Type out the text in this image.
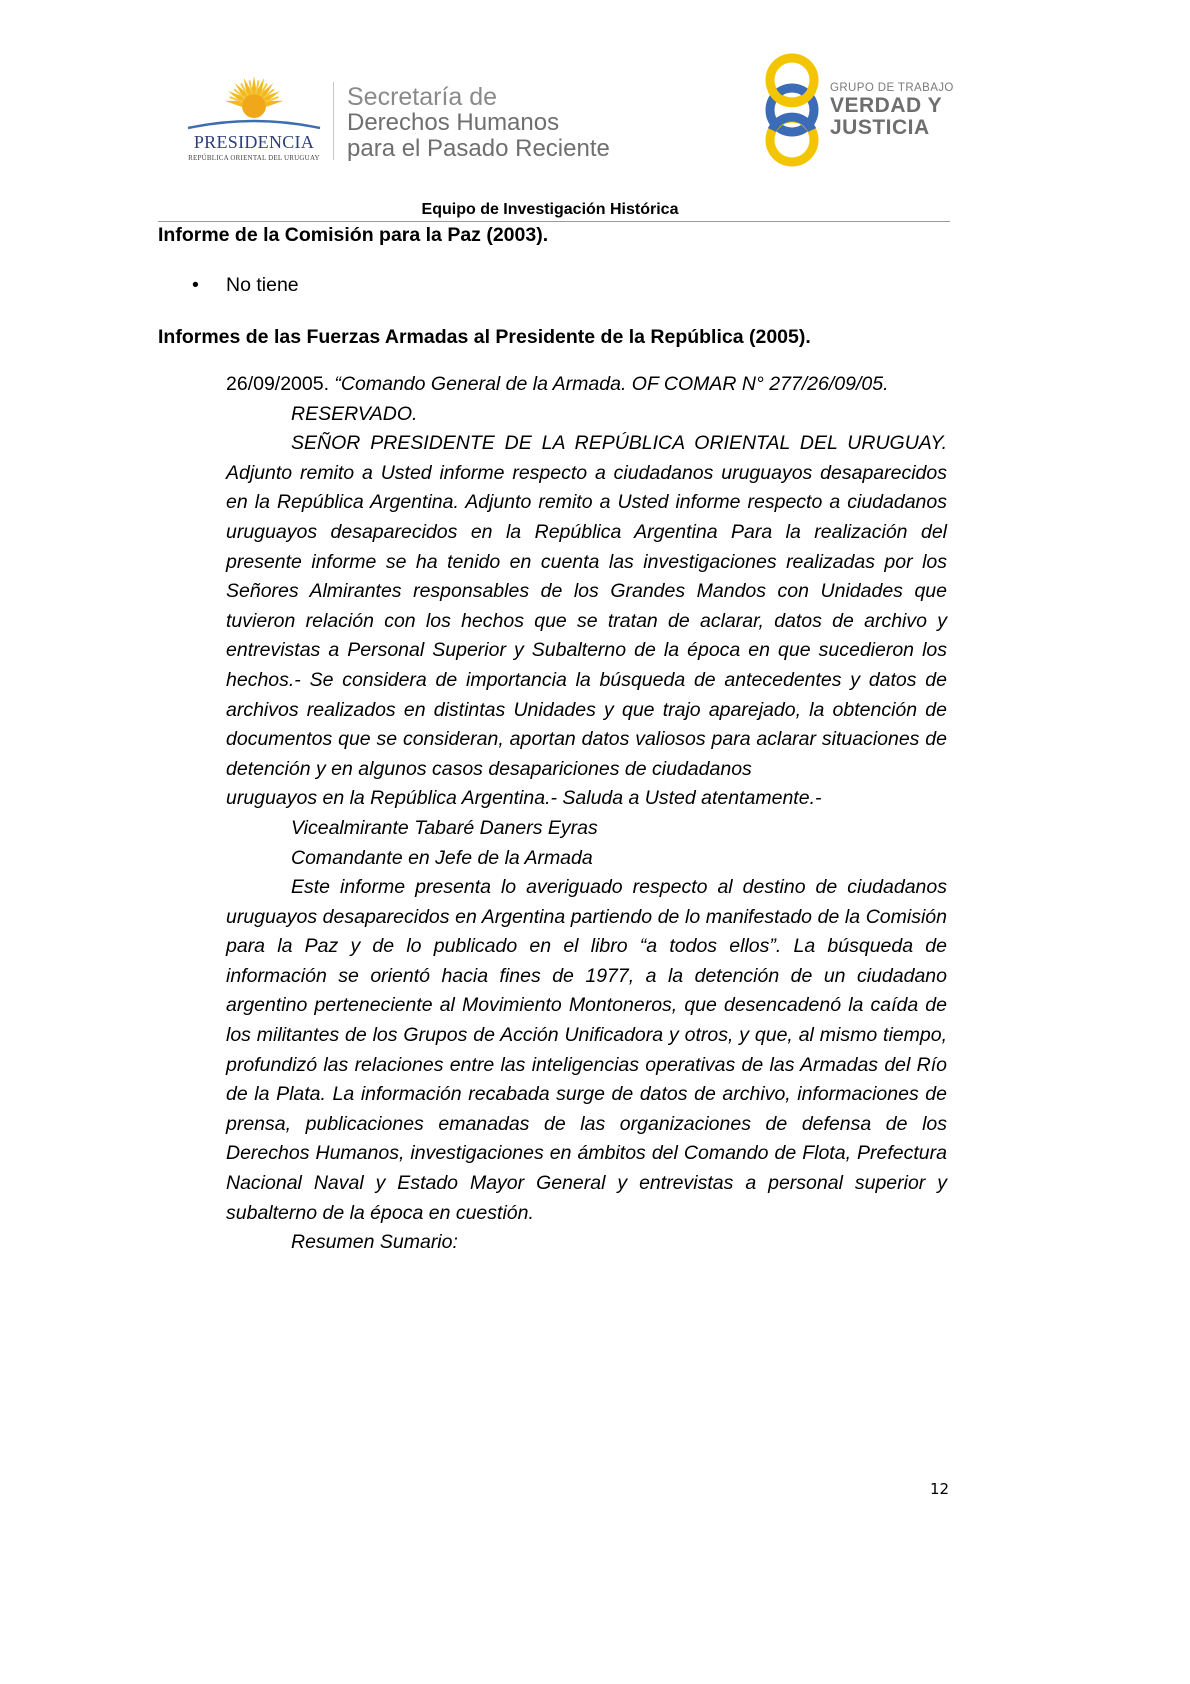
PRESIDENCIA
REPÚBLICA ORIENTAL DEL URUGUAY
Secretaría de
Derechos Humanos
para el Pasado Reciente
GRUPO DE TRABAJO
VERDAD Y
JUSTICIA
Equipo de Investigación Histórica
Informe de la Comisión para la Paz (2003).
• No tiene
Informes de las Fuerzas Armadas al Presidente de la República (2005).

26/09/2005. “Comando General de la Armada. OF COMAR N° 277/26/09/05.

RESERVADO.

SEÑOR PRESIDENTE DE LA REPÚBLICA ORIENTAL DEL URUGUAY. Adjunto remito a Usted informe respecto a ciudadanos uruguayos desaparecidos en la República Argentina. Adjunto remito a Usted informe respecto a ciudadanos uruguayos desaparecidos en la República Argentina Para la realización del presente informe se ha tenido en cuenta las investigaciones realizadas por los Señores Almirantes responsables de los Grandes Mandos con Unidades que tuvieron relación con los hechos que se tratan de aclarar, datos de archivo y entrevistas a Personal Superior y Subalterno de la época en que sucedieron los hechos.- Se considera de importancia la búsqueda de antecedentes y datos de archivos realizados en distintas Unidades y que trajo aparejado, la obtención de documentos que se consideran, aportan datos valiosos para aclarar situaciones de detención y en algunos casos desapariciones de ciudadanos

uruguayos en la República Argentina.- Saluda a Usted atentamente.-

Vicealmirante Tabaré Daners Eyras

Comandante en Jefe de la Armada

Este informe presenta lo averiguado respecto al destino de ciudadanos uruguayos desaparecidos en Argentina partiendo de lo manifestado de la Comisión para la Paz y de lo publicado en el libro “a todos ellos”. La búsqueda de información se orientó hacia fines de 1977, a la detención de un ciudadano argentino perteneciente al Movimiento Montoneros, que desencadenó la caída de los militantes de los Grupos de Acción Unificadora y otros, y que, al mismo tiempo, profundizó las relaciones entre las inteligencias operativas de las Armadas del Río de la Plata. La información recabada surge de datos de archivo, informaciones de prensa, publicaciones emanadas de las organizaciones de defensa de los Derechos Humanos, investigaciones en ámbitos del Comando de Flota, Prefectura Nacional Naval y Estado Mayor General y entrevistas a personal superior y subalterno de la época en cuestión.

Resumen Sumario:

12
